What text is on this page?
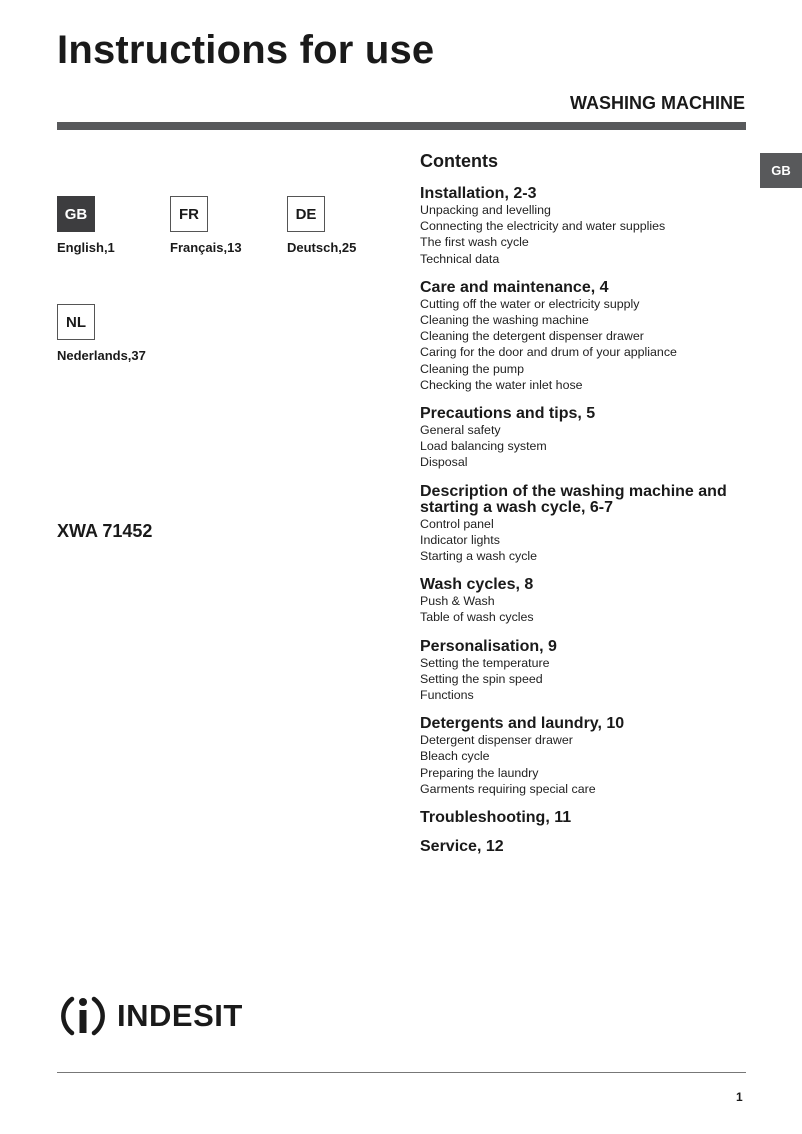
Instructions for use
WASHING MACHINE
GB
GB
English,1
FR
Français,13
DE
Deutsch,25
NL
Nederlands,37
XWA 71452
Contents
Installation, 2-3
Unpacking and levelling
Connecting the electricity and water supplies
The first wash cycle
Technical data
Care and maintenance, 4
Cutting off the water or electricity supply
Cleaning the washing machine
Cleaning the detergent dispenser drawer
Caring for the door and drum of your appliance
Cleaning the pump
Checking the water inlet hose
Precautions and tips, 5
General safety
Load balancing system
Disposal
Description of the washing machine and starting a wash cycle, 6-7
Control panel
Indicator lights
Starting a wash cycle
Wash cycles, 8
Push & Wash
Table of wash cycles
Personalisation, 9
Setting the temperature
Setting the spin speed
Functions
Detergents and laundry, 10
Detergent dispenser drawer
Bleach cycle
Preparing the laundry
Garments requiring special care
Troubleshooting, 11
Service, 12
INDESIT
1
